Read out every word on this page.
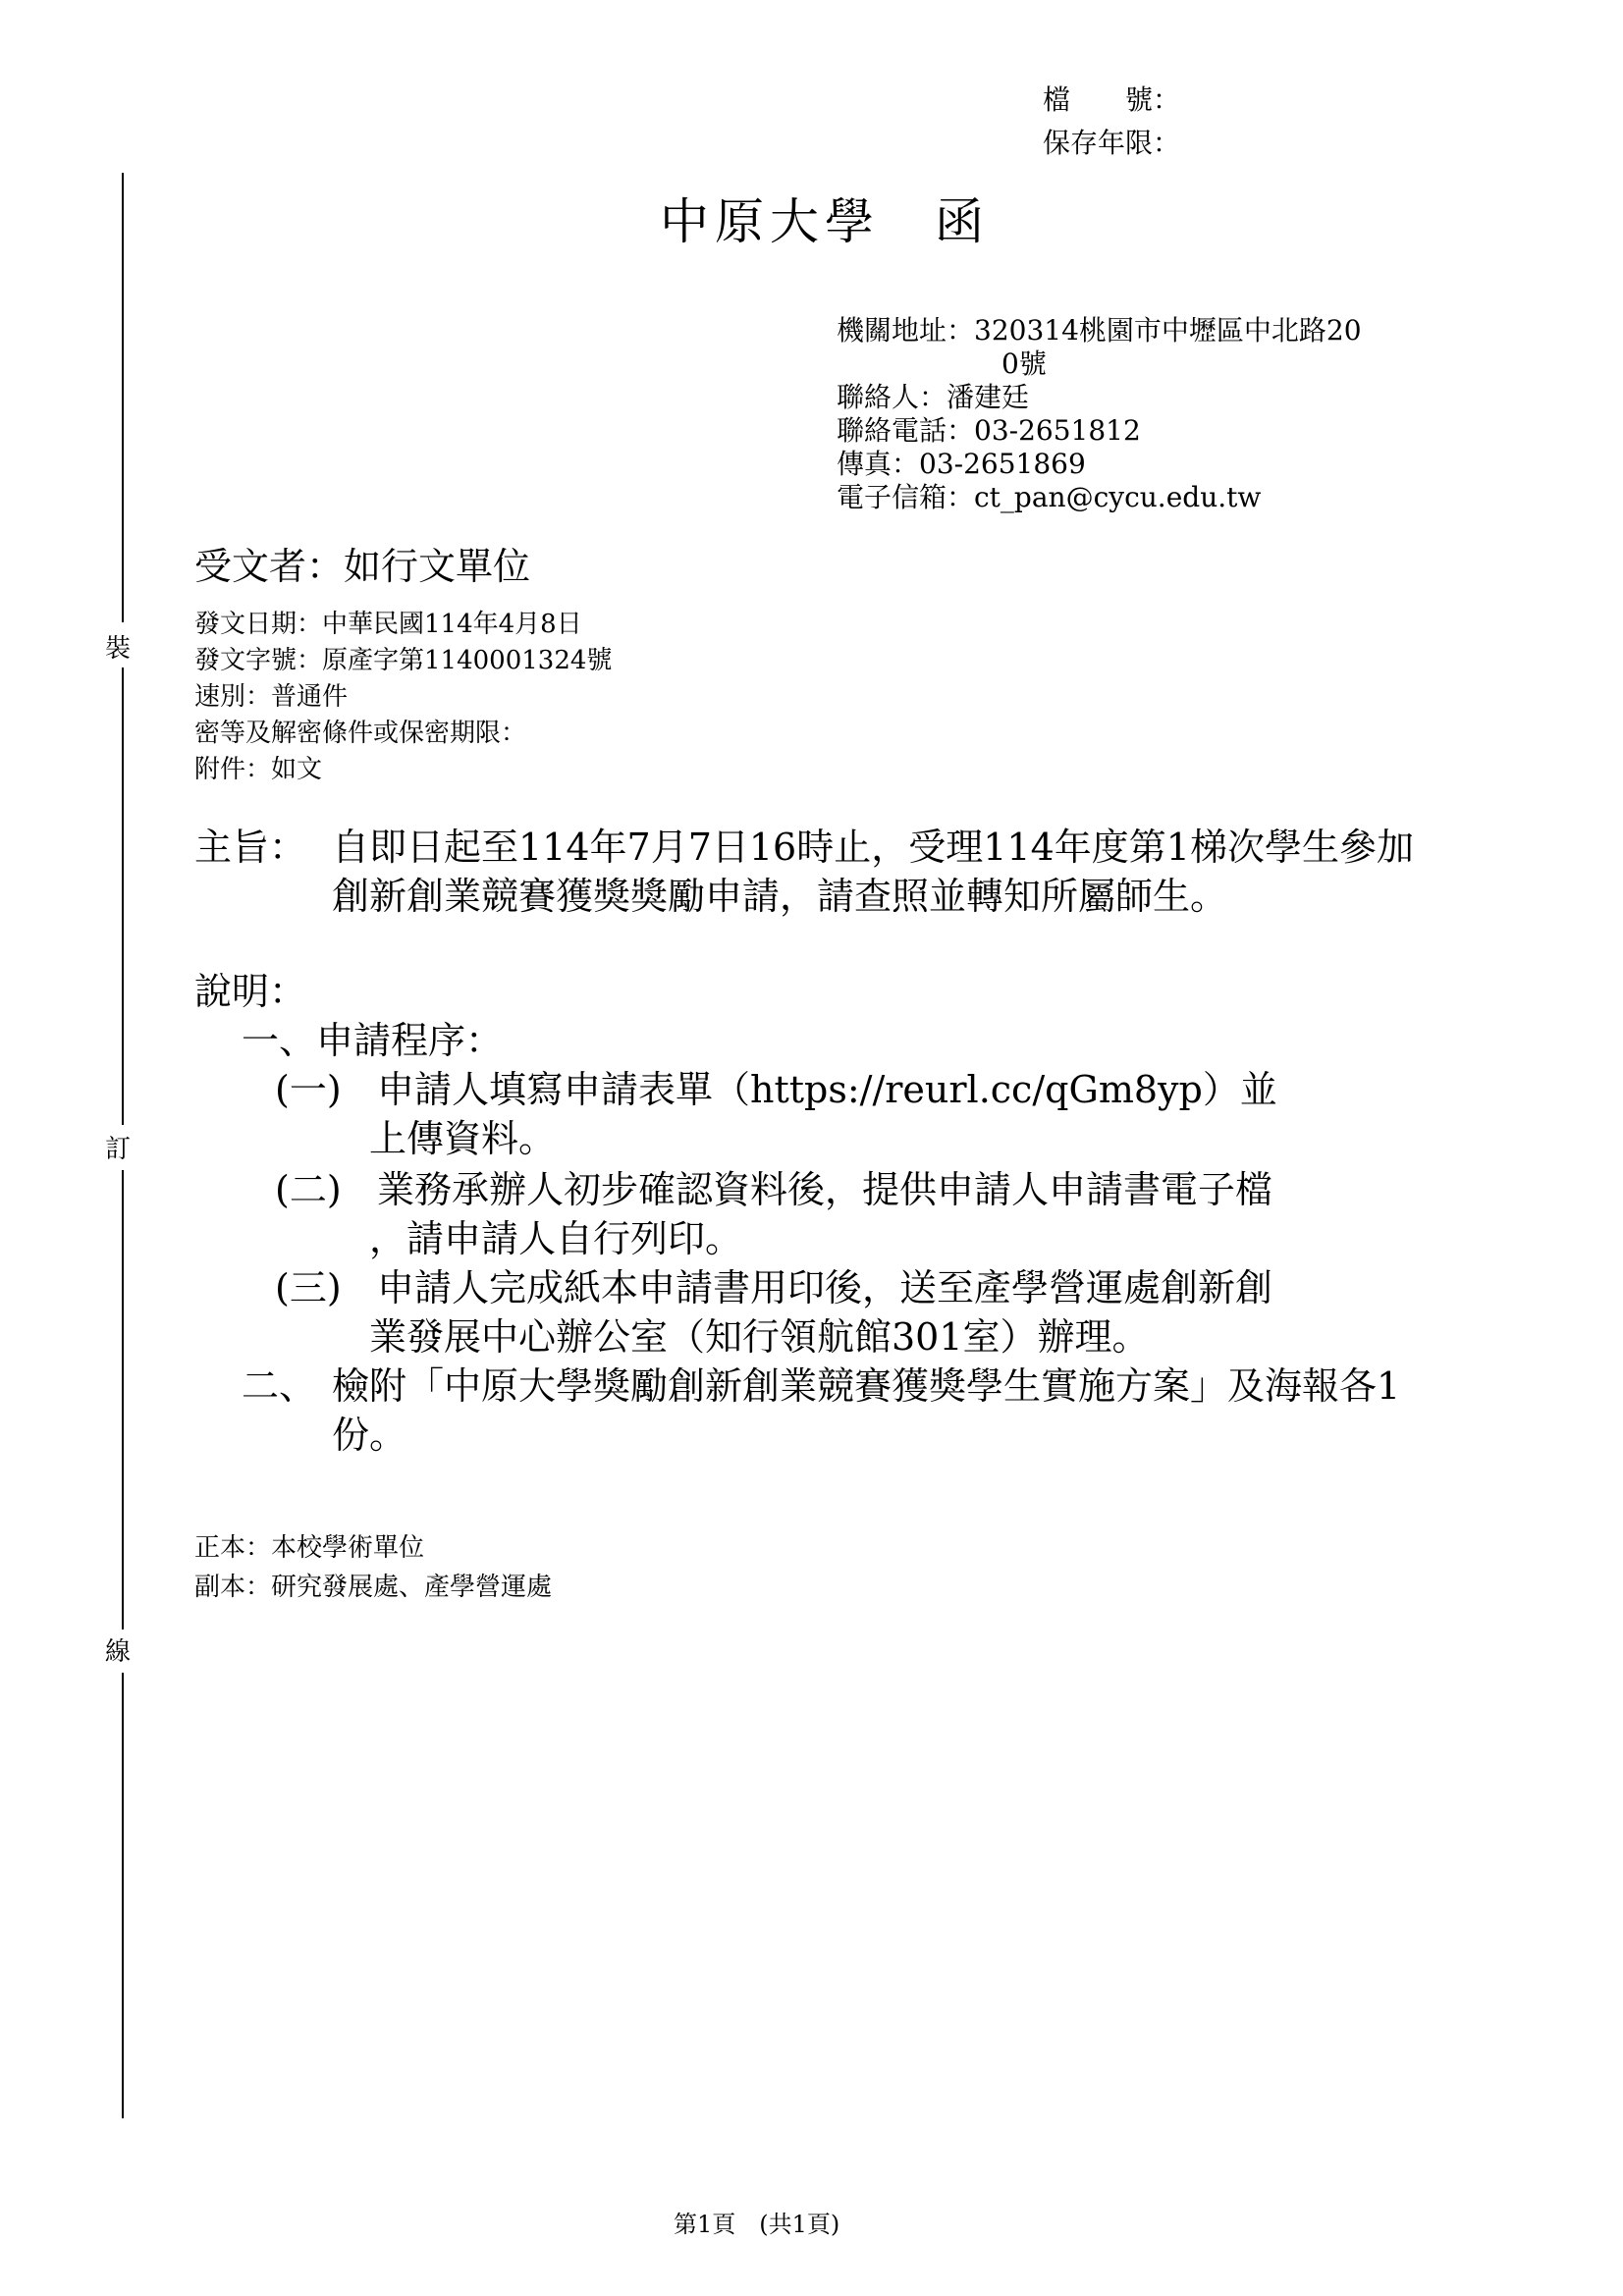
檔　　號：
保存年限：
裝
訂
線
中原大學　函
機關地址：320314桃園市中壢區中北路20
0號
聯絡人：潘建廷
聯絡電話：03-2651812
傳真：03-2651869
電子信箱：ct_pan@cycu.edu.tw
受文者：如行文單位
發文日期：中華民國114年4月8日
發文字號：原產字第1140001324號
速別：普通件
密等及解密條件或保密期限：
附件：如文
主旨： 自即日起至114年7月7日16時止，受理114年度第1梯次學生參加創新創業競賽獲獎獎勵申請，請查照並轉知所屬師生。
說明：
一、申請程序：
(一) 申請人填寫申請表單（https://reurl.cc/qGm8yp）並
上傳資料。
(二) 業務承辦人初步確認資料後，提供申請人申請書電子檔
，請申請人自行列印。
(三) 申請人完成紙本申請書用印後，送至產學營運處創新創
業發展中心辦公室（知行領航館301室）辦理。
二、 檢附「中原大學獎勵創新創業競賽獲獎學生實施方案」及海報各1份。
正本：本校學術單位
副本：研究發展處、產學營運處
第1頁　(共1頁)
